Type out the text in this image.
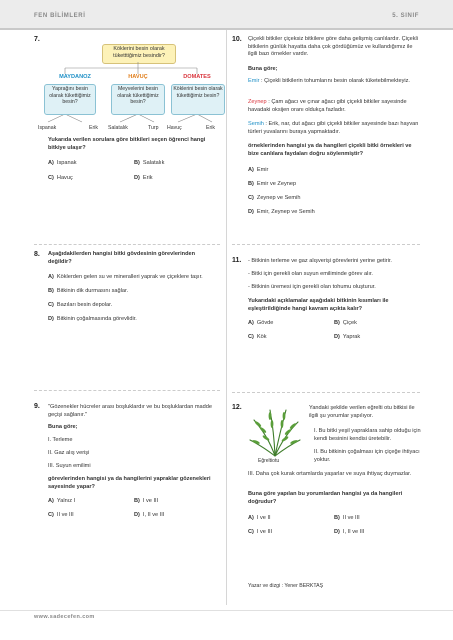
FEN BİLİMLERİ	5. SINIF
7.
Köklerini besin olarak tüketttiğimiz besindir?
MAYDANOZ	HAVUÇ	DOMATES
Yaprağını besin olarak tükettiğimiz besin?
Meyvelerini besin olarak tükettiğimiz besin?
Köklerini besin olarak tükettiğimiz besin?
Ispanak	Erik Salatalık	Turp Havuç	Erik
Yukarıda verilen sorulara göre bitkileri seçen öğrenci hangi bitkiye ulaşır?
A) Ispanak	B) Salatalık
C) Havuç	D) Erik
8. Aşağıdakilerden hangisi bitki gövdesinin görevlerinden değildir?
A) Köklerden gelen su ve mineralleri yaprak ve çiçeklere taşır.
B) Bitkinin dik durmasını sağlar.
C) Bazıları besin depolar.
D) Bitkinin çoğalmasında görevlidir.
9. "Gözenekler hücreler arası boşluklardır ve bu boşluklardan madde geçişi sağlanır."
Buna göre;
I. Terleme
II. Gaz alış verişi
III. Suyun emilimi
görevlerinden hangisi ya da hangilerini yapraklar gözenekleri sayesinde yapar?
A) Yalnız I	B) I ve III
C) II ve III	D) I, II ve III
10. Çiçekli bitkiler çiçeksiz bitkilere göre daha gelişmiş canlılardır. Çiçekli bitkilerin günlük hayatta daha çok gördüğümüz ve kullandığımız ile ilgili bazı örnekler vardır.
Buna göre;
Emir : Çiçekli bitkilerin tohumlarını besin olarak tüketebilmekteyiz.
Zeynep : Çam ağacı ve çınar ağacı gibi çiçekli bitkiler sayesinde havadaki oksijen oranı oldukça fazladır.
Semih : Erik, nar, dut ağacı gibi çiçekli bitkiler sayesinde bazı hayvan türleri yuvalarını buraya yapmaktadır.
örneklerinden hangisi ya da hangileri çiçekli bitki örnekleri ve bize canlılara faydaları doğru söylenmiştir?
A) Emir
B) Emir ve Zeynep
C) Zeynep ve Semih
D) Emir, Zeynep ve Semih
11. - Bitkinin terleme ve gaz alışverişi görevlerini yerine getirir.
- Bitki için gerekli olan suyun emiliminde görev alır.
- Bitkinin üremesi için gerekli olan tohumu oluşturur.
Yukarıdaki açıklamalar aşağıdaki bitkinin kısımları ile eşleştirildiğinde hangi kavram açıkta kalır?
A) Gövde	B) Çiçek
C) Kök	D) Yaprak
12.
Eğreltiotu
Yandaki şekilde verilen eğrelti otu bitkisi ile ilgili şu yorumlar yapılıyor.
I. Bu bitki yeşil yapraklara sahip olduğu için kendi besinini kendisi üretebilir.
II. Bu bitkinin çoğalması için çiçeğe ihtiyacı yoktur.
III. Daha çok kurak ortamlarda yaşarlar ve suya ihtiyaç duymazlar.
Buna göre yapılan bu yorumlardan hangisi ya da hangileri doğrudur?
A) I ve II	B) II ve III
C) I ve III	D) I, II ve III
Yazar ve dizgi : Yener BERKTAŞ
www.sadecefen.com
